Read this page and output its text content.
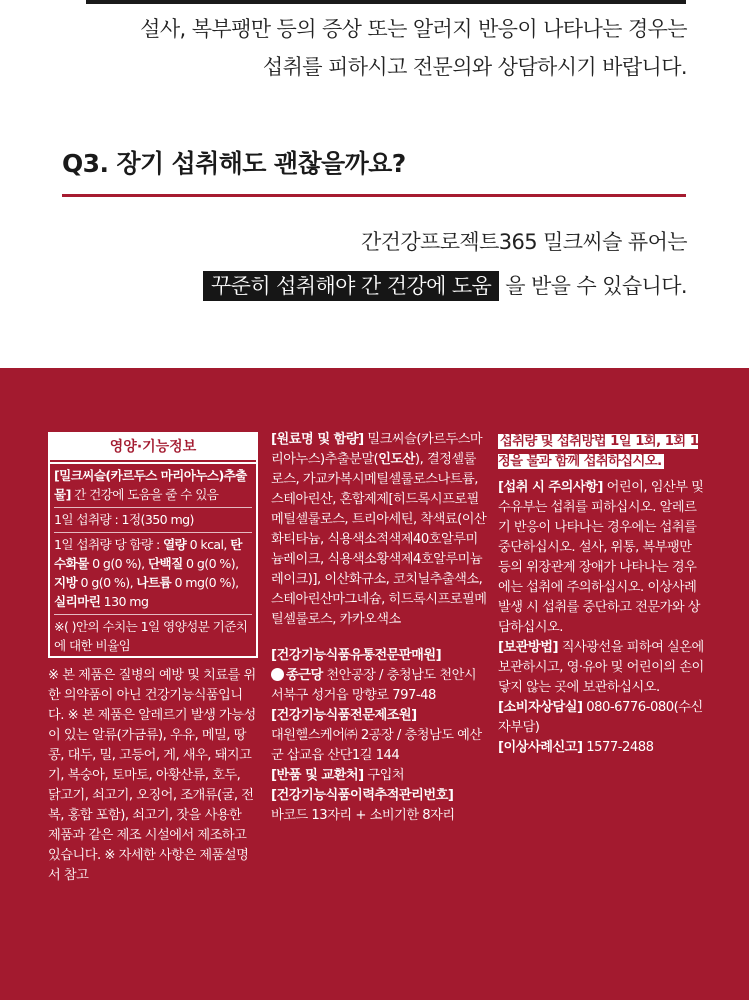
설사, 복부팽만 등의 증상 또는 알러지 반응이 나타나는 경우는
섭취를 피하시고 전문의와 상담하시기 바랍니다.
Q3. 장기 섭취해도 괜찮을까요?
간건강프로젝트365 밀크씨슬 퓨어는
꾸준히 섭취해야 간 건강에 도움 을 받을 수 있습니다.
영양·기능정보
[밀크씨슬(카르두스 마리아누스)추출물] 간 건강에 도움을 줄 수 있음
1일 섭취량 : 1정(350 mg)
1일 섭취량 당 함량 : 열량 0 kcal, 탄수화물 0 g(0 %), 단백질 0 g(0 %), 지방 0 g(0 %), 나트륨 0 mg(0 %), 실리마린 130 mg
※( )안의 수치는 1일 영양성분 기준치에 대한 비율임
※ 본 제품은 질병의 예방 및 치료를 위한 의약품이 아닌 건강기능식품입니다. ※ 본 제품은 알레르기 발생 가능성이 있는 알류(가금류), 우유, 메밀, 땅콩, 대두, 밀, 고등어, 게, 새우, 돼지고기, 복숭아, 토마토, 아황산류, 호두, 닭고기, 쇠고기, 오징어, 조개류(굴, 전복, 홍합 포함), 쇠고기, 잣을 사용한 제품과 같은 제조 시설에서 제조하고 있습니다. ※ 자세한 사항은 제품설명서 참고
[원료명 및 함량] 밀크씨슬(카르두스마리아누스)추출분말(인도산), 결정셀룰로스, 가교카복시메틸셀룰로스나트륨, 스테아린산, 혼합제제[히드록시프로필메틸셀룰로스, 트리아세틴, 착색료(이산화티타늄, 식용색소적색제40호알루미늄레이크, 식용색소황색제4호알루미늄레이크)], 이산화규소, 코치닐추출색소, 스테아린산마그네슘, 히드록시프로필메틸셀룰로스, 카카오색소
[건강기능식품유통전문판매원]
종근당 천안공장 / 충청남도 천안시 서북구 성거읍 망향로 797-48
[건강기능식품전문제조원]
대원헬스케어㈜ 2공장 / 충청남도 예산군 삽교읍 산단1길 144
[반품 및 교환처] 구입처
[건강기능식품이력추적관리번호]
바코드 13자리 + 소비기한 8자리
섭취량 및 섭취방법 1일 1회, 1회 1정을 물과 함께 섭취하십시오.
[섭취 시 주의사항] 어린이, 임산부 및 수유부는 섭취를 피하십시오. 알레르기 반응이 나타나는 경우에는 섭취를 중단하십시오. 설사, 위통, 복부팽만 등의 위장관계 장애가 나타나는 경우에는 섭취에 주의하십시오. 이상사례 발생 시 섭취를 중단하고 전문가와 상담하십시오.
[보관방법] 직사광선을 피하여 실온에 보관하시고, 영·유아 및 어린이의 손이 닿지 않는 곳에 보관하십시오.
[소비자상담실] 080-6776-080(수신자부담)
[이상사례신고] 1577-2488
